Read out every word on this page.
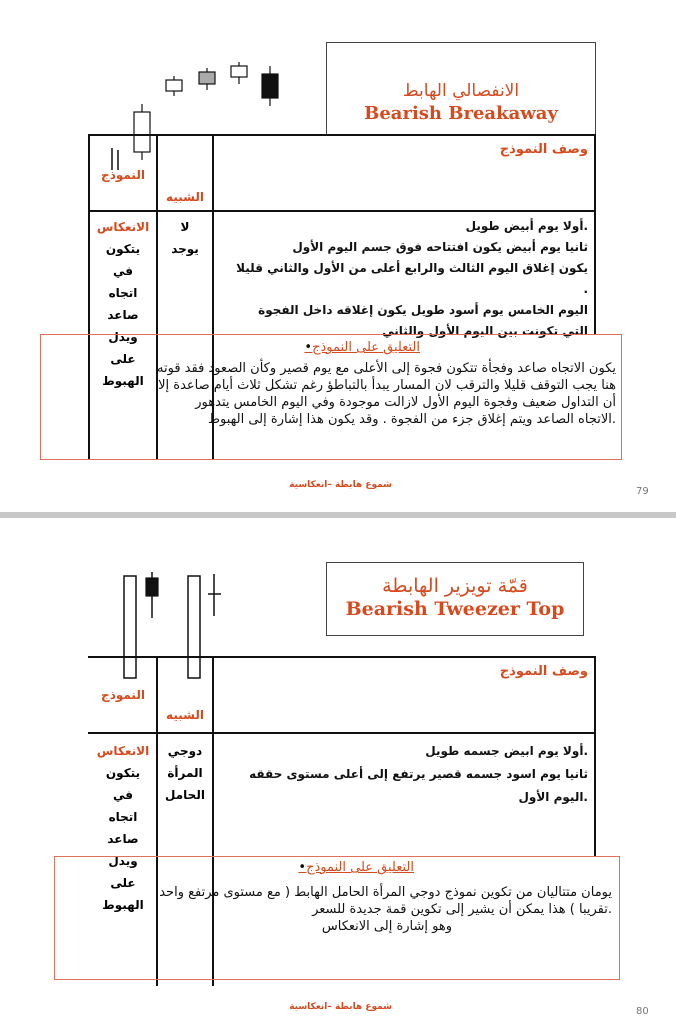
الانفصالي الهابط
Bearish Breakaway
وصف النموذج
النموذج
الشبيه
الانعكاس
يتكون
في
اتجاه
صاعد
ويدل
على
الهبوط
لا
يوجد
.أولا يوم أبيض طويل
ثانيا يوم أبيض يكون افتتاحه فوق جسم اليوم الأول
يكون إغلاق اليوم الثالث والرابع أعلى من الأول والثاني قليلا
.
اليوم الخامس يوم أسود طويل يكون إغلاقه داخل الفجوة
التي تكونت بين اليوم الأول والثاني
التعليق على النموذج•
يكون الاتجاه صاعد وفجأة تتكون فجوة إلى الأعلى مع يوم قصير وكأن الصعود فقد قوته
هنا يجب التوقف قليلا والترقب لان المسار يبدأ بالتباطؤ رغم تشكل ثلاث أيام صاعدة إلا
أن التداول ضعيف وفجوة اليوم الأول لازالت موجودة وفي اليوم الخامس يتدهور
.الاتجاه الصاعد ويتم إغلاق جزء من الفجوة . وقد يكون هذا إشارة إلى الهبوط
شموع هابطة –انعكاسية
79
قمّة تويزير الهابطة
Bearish Tweezer Top
وصف النموذج
النموذج
الشبيه
الانعكاس
يتكون
في
اتجاه
صاعد
ويدل
على
الهبوط
دوجي
المرأة
الحامل
.أولا يوم ابيض جسمه طويل
ثانيا يوم اسود جسمه قصير يرتفع إلى أعلى مستوى حققه
.اليوم الأول
التعليق على النموذج•
يومان متتاليان من تكوين نموذج دوجي المرأة الحامل الهابط ( مع مستوى مرتفع واحد
.تقريبا ) هذا يمكن أن يشير إلى تكوين قمة جديدة للسعر
وهو إشارة إلى الانعكاس
شموع هابطة –انعكاسية	80
